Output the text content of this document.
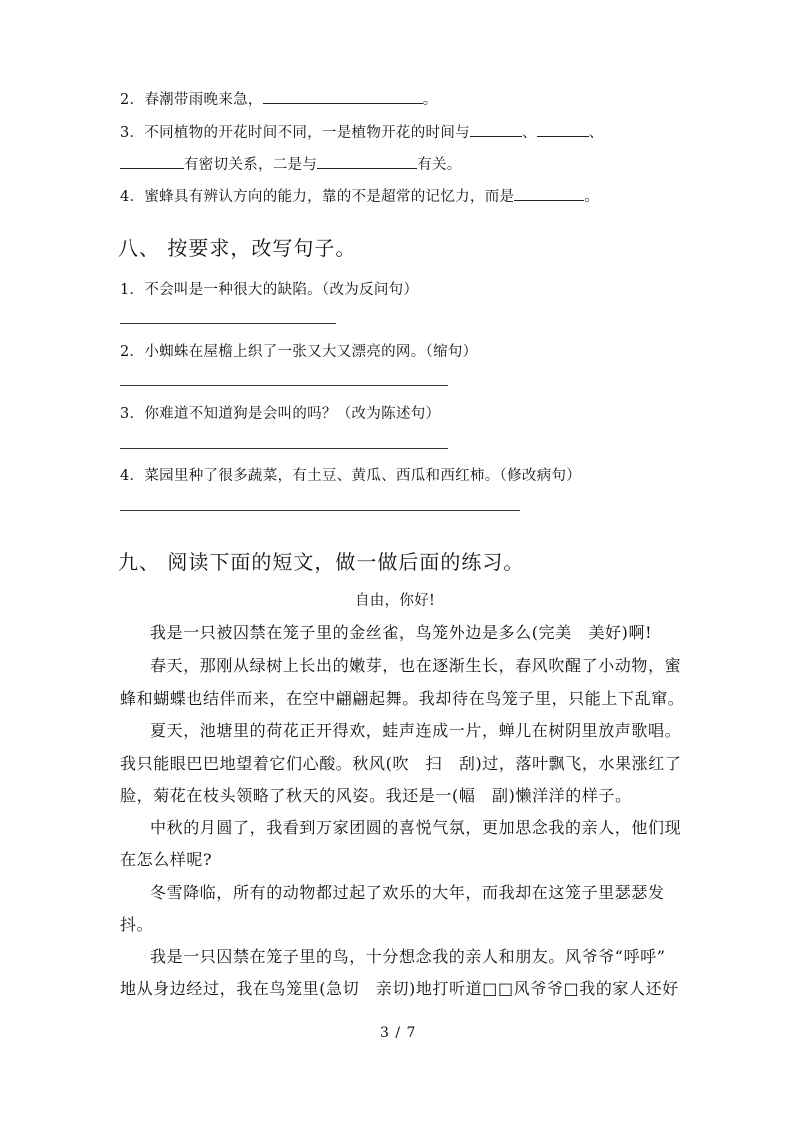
2．春潮带雨晚来急，	。
3．不同植物的开花时间不同，一是植物开花的时间与	、	、
有密切关系，二是与	有关。
4．蜜蜂具有辨认方向的能力，靠的不是超常的记忆力，而是	。
八、 按要求，改写句子。
1．不会叫是一种很大的缺陷。（改为反问句）
2．小蜘蛛在屋檐上织了一张又大又漂亮的网。（缩句）
3．你难道不知道狗是会叫的吗？（改为陈述句）
4．菜园里种了很多蔬菜，有土豆、黄瓜、西瓜和西红柿。（修改病句）
九、 阅读下面的短文，做一做后面的练习。
自由，你好!
我是一只被囚禁在笼子里的金丝雀，鸟笼外边是多么(完美　美好)啊!
春天，那刚从绿树上长出的嫩芽，也在逐渐生长，春风吹醒了小动物，蜜
蜂和蝴蝶也结伴而来，在空中翩翩起舞。我却待在鸟笼子里，只能上下乱窜。
夏天，池塘里的荷花正开得欢，蛙声连成一片，蝉儿在树阴里放声歌唱。
我只能眼巴巴地望着它们心酸。秋风(吹　扫　刮)过，落叶飘飞，水果涨红了
脸，菊花在枝头领略了秋天的风姿。我还是一(幅　副)懒洋洋的样子。
中秋的月圆了，我看到万家团圆的喜悦气氛，更加思念我的亲人，他们现
在怎么样呢?
冬雪降临，所有的动物都过起了欢乐的大年，而我却在这笼子里瑟瑟发
抖。
我是一只囚禁在笼子里的鸟，十分想念我的亲人和朋友。风爷爷“呼呼”
地从身边经过，我在鸟笼里(急切　亲切)地打听道□□风爷爷□我的家人还好
3 / 7
